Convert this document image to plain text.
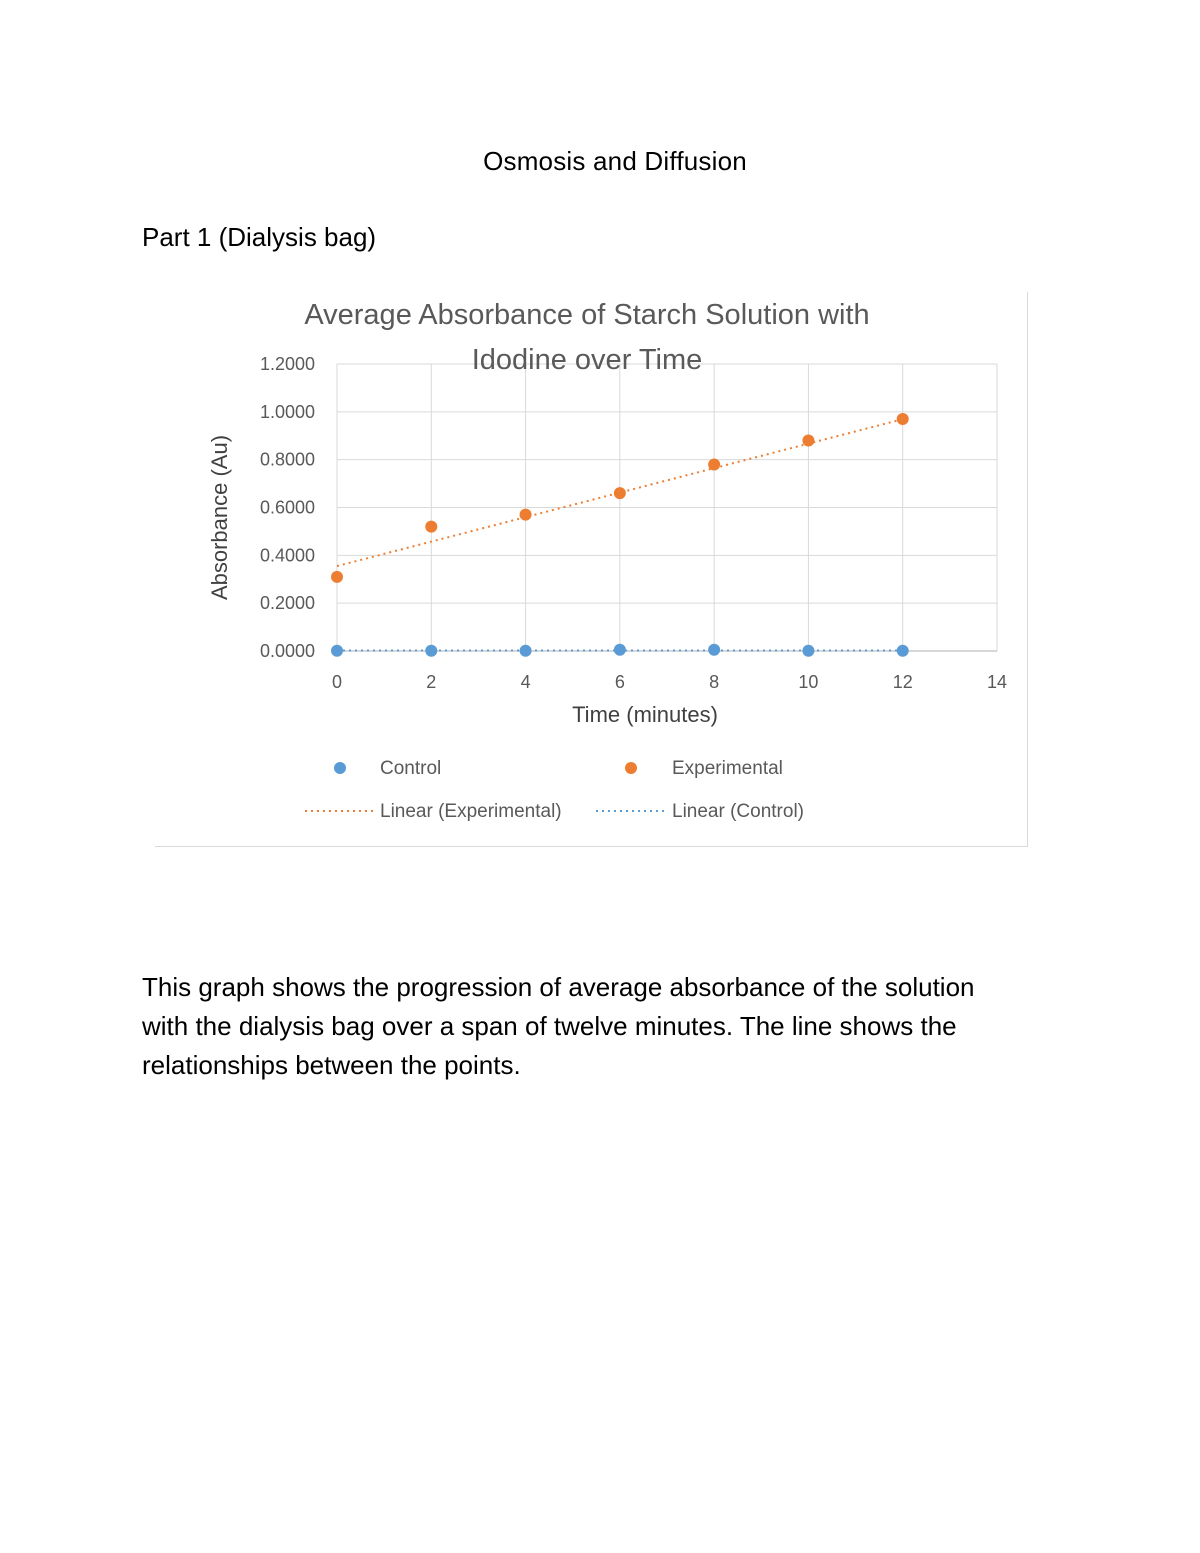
Osmosis and Diffusion
Part 1 (Dialysis bag)
Average Absorbance of Starch Solution with
Idodine over Time
0.0000
0.2000
0.4000
0.6000
0.8000
1.0000
1.2000
0	2	4	6	8	10	12	14
Time (minutes)
Absorbance (Au)
Control	Experimental
Linear (Experimental)	Linear (Control)
This graph shows the progression of average absorbance of the solution
with the dialysis bag over a span of twelve minutes. The line shows the
relationships between the points.
